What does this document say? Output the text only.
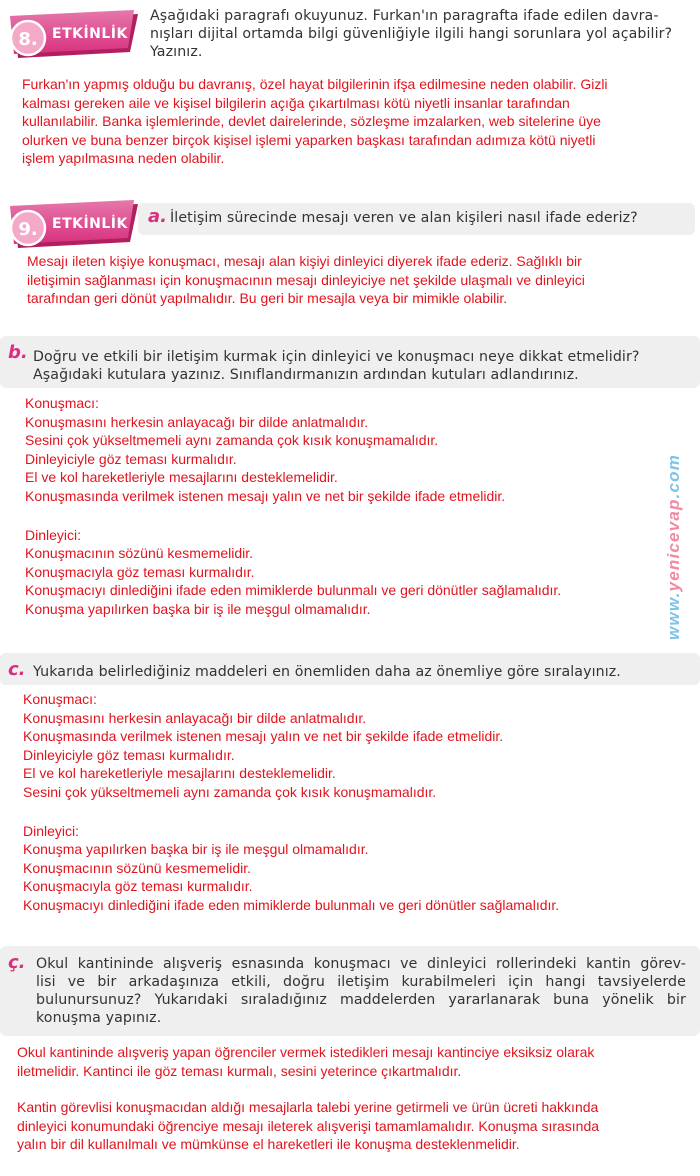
8. ETKİNLİK
Aşağıdaki paragrafı okuyunuz. Furkan'ın paragrafta ifade edilen davra-
nışları dijital ortamda bilgi güvenliğiyle ilgili hangi sorunlara yol açabilir?
Yazınız.

Furkan'ın yapmış olduğu bu davranış, özel hayat bilgilerinin ifşa edilmesine neden olabilir. Gizli

kalması gereken aile ve kişisel bilgilerin açığa çıkartılması kötü niyetli insanlar tarafından

kullanılabilir. Banka işlemlerinde, devlet dairelerinde, sözleşme imzalarken, web sitelerine üye

olurken ve buna benzer birçok kişisel işlemi yaparken başkası tarafından adımıza kötü niyetli

işlem yapılmasına neden olabilir.

9. ETKİNLİK a. İletişim sürecinde mesajı veren ve alan kişileri nasıl ifade ederiz?

Mesajı ileten kişiye konuşmacı, mesajı alan kişiyi dinleyici diyerek ifade ederiz. Sağlıklı bir

iletişimin sağlanması için konuşmacının mesajı dinleyiciye net şekilde ulaşmalı ve dinleyici

tarafından geri dönüt yapılmalıdır. Bu geri bir mesajla veya bir mimikle olabilir.

b. Doğru ve etkili bir iletişim kurmak için dinleyici ve konuşmacı neye dikkat etmelidir?
Aşağıdaki kutulara yazınız. Sınıflandırmanızın ardından kutuları adlandırınız.

Konuşmacı:

Konuşmasını herkesin anlayacağı bir dilde anlatmalıdır.

Sesini çok yükseltmemeli aynı zamanda çok kısık konuşmamalıdır.

Dinleyiciyle göz teması kurmalıdır.

El ve kol hareketleriyle mesajlarını desteklemelidir.

Konuşmasında verilmek istenen mesajı yalın ve net bir şekilde ifade etmelidir.

Dinleyici:

Konuşmacının sözünü kesmemelidir.

Konuşmacıyla göz teması kurmalıdır.

Konuşmacıyı dinlediğini ifade eden mimiklerde bulunmalı ve geri dönütler sağlamalıdır.

Konuşma yapılırken başka bir iş ile meşgul olmamalıdır.	www.yenicevap.com
c. Yukarıda belirlediğiniz maddeleri en önemliden daha az önemliye göre sıralayınız.

Konuşmacı:

Konuşmasını herkesin anlayacağı bir dilde anlatmalıdır.

Konuşmasında verilmek istenen mesajı yalın ve net bir şekilde ifade etmelidir.

Dinleyiciyle göz teması kurmalıdır.

El ve kol hareketleriyle mesajlarını desteklemelidir.

Sesini çok yükseltmemeli aynı zamanda çok kısık konuşmamalıdır.

Dinleyici:

Konuşma yapılırken başka bir iş ile meşgul olmamalıdır.

Konuşmacının sözünü kesmemelidir.

Konuşmacıyla göz teması kurmalıdır.

Konuşmacıyı dinlediğini ifade eden mimiklerde bulunmalı ve geri dönütler sağlamalıdır.

ç. Okul kantininde alışveriş esnasında konuşmacı ve dinleyici rollerindeki kantin görev-
lisi ve bir arkadaşınıza etkili, doğru iletişim kurabilmeleri için hangi tavsiyelerde
bulunursunuz? Yukarıdaki sıraladığınız maddelerden yararlanarak buna yönelik bir
konuşma yapınız.

Okul kantininde alışveriş yapan öğrenciler vermek istedikleri mesajı kantinciye eksiksiz olarak

iletmelidir. Kantinci ile göz teması kurmalı, sesini yeterince çıkartmalıdır.

Kantin görevlisi konuşmacıdan aldığı mesajlarla talebi yerine getirmeli ve ürün ücreti hakkında

dinleyici konumundaki öğrenciye mesajı ileterek alışverişi tamamlamalıdır. Konuşma sırasında

yalın bir dil kullanılmalı ve mümkünse el hareketleri ile konuşma desteklenmelidir.
